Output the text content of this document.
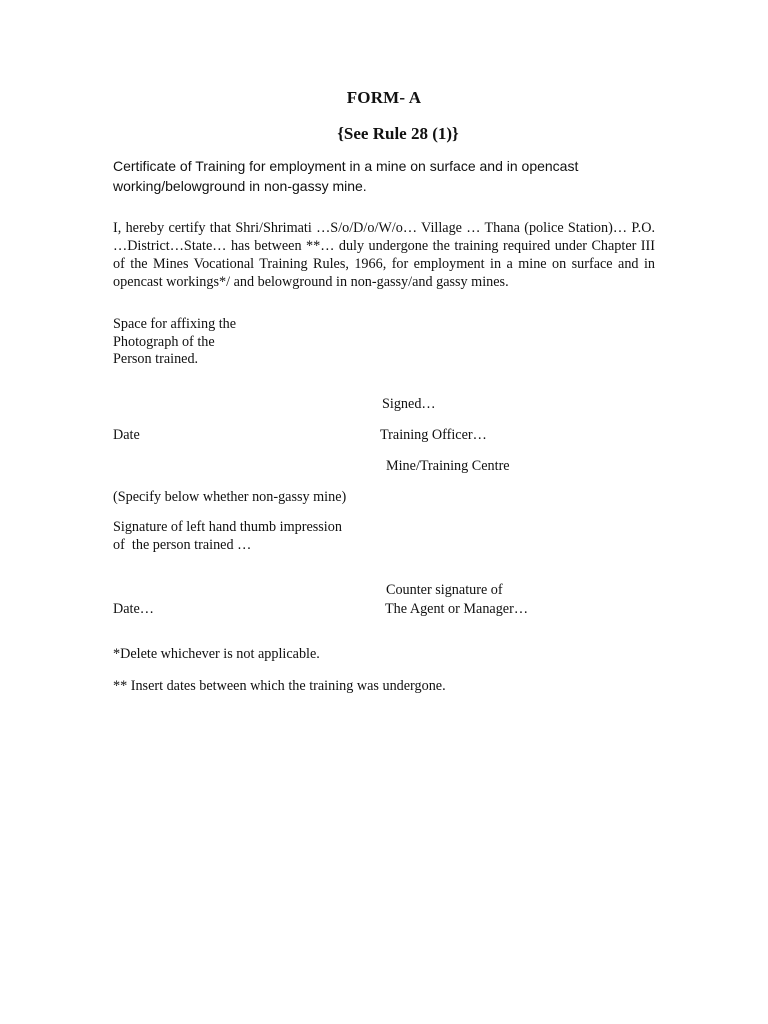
FORM- A
{See Rule 28 (1)}
Certificate of Training for employment in a mine on surface and in opencast
working/belowground in non-gassy mine.
I, hereby certify that Shri/Shrimati …S/o/D/o/W/o… Village … Thana (police Station)… P.O. …District…State… has between **… duly undergone the training required under Chapter III of the Mines Vocational Training Rules, 1966, for employment in a mine on surface and in opencast workings*/ and belowground in non-gassy/and gassy mines.
Space for affixing the
Photograph of the
Person trained.
Signed…
Date	Training Officer…
Mine/Training Centre
(Specify below whether non-gassy mine)
Signature of left hand thumb impression
of  the person trained …
Counter signature of
Date…	The Agent or Manager…
*Delete whichever is not applicable.
** Insert dates between which the training was undergone.
